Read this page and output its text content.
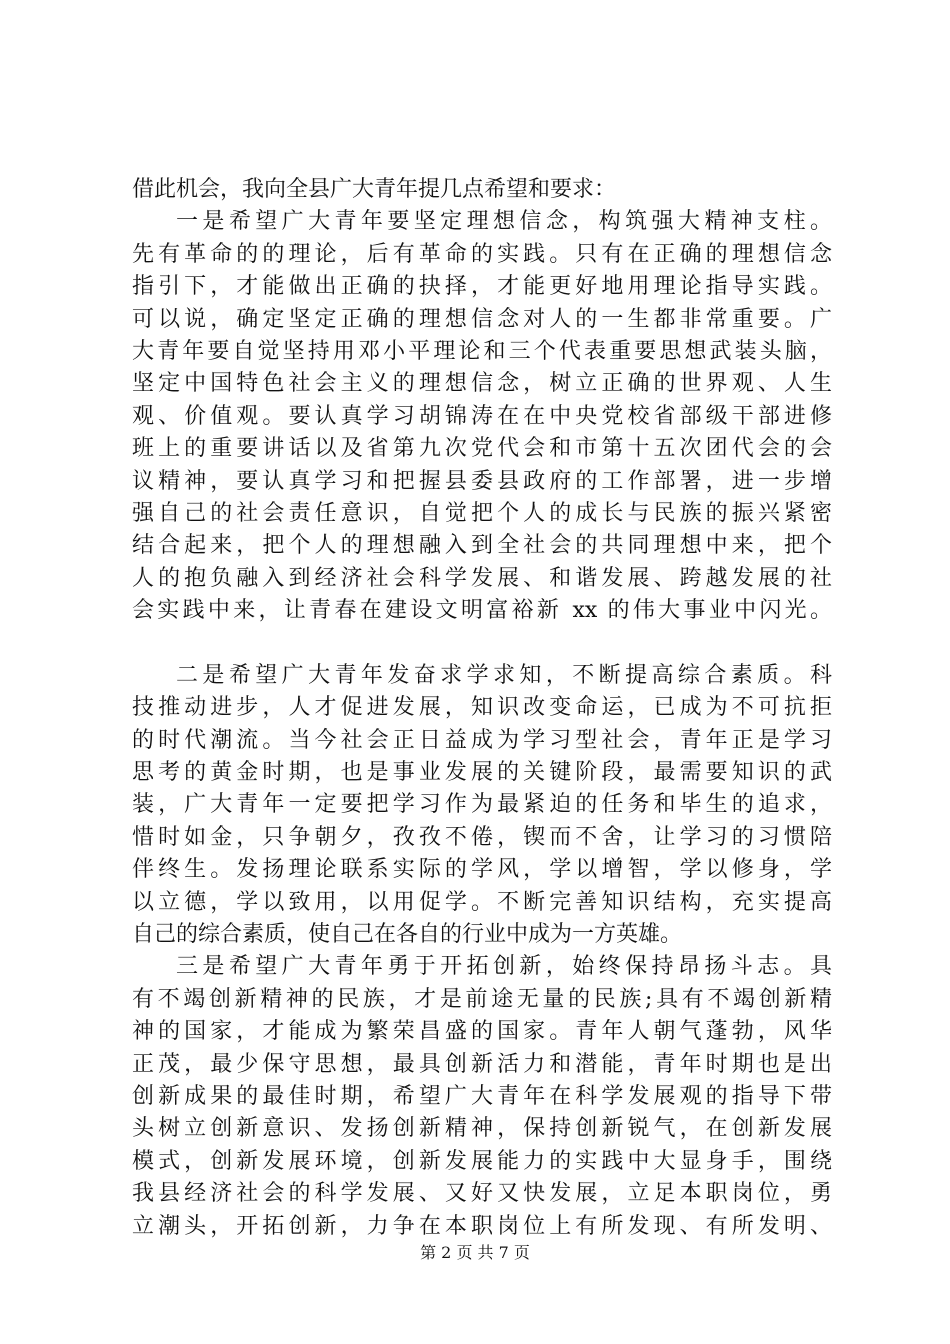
借此机会，我向全县广大青年提几点希望和要求：
一是希望广大青年要坚定理想信念，构筑强大精神支柱。
先有革命的的理论，后有革命的实践。只有在正确的理想信念
指引下，才能做出正确的抉择，才能更好地用理论指导实践。
可以说，确定坚定正确的理想信念对人的一生都非常重要。广
大青年要自觉坚持用邓小平理论和三个代表重要思想武装头脑，
坚定中国特色社会主义的理想信念，树立正确的世界观、人生
观、价值观。要认真学习胡锦涛在在中央党校省部级干部进修
班上的重要讲话以及省第九次党代会和市第十五次团代会的会
议精神，要认真学习和把握县委县政府的工作部署，进一步增
强自己的社会责任意识，自觉把个人的成长与民族的振兴紧密
结合起来，把个人的理想融入到全社会的共同理想中来，把个
人的抱负融入到经济社会科学发展、和谐发展、跨越发展的社
会实践中来，让青春在建设文明富裕新 xx 的伟大事业中闪光。
二是希望广大青年发奋求学求知，不断提高综合素质。科
技推动进步，人才促进发展，知识改变命运，已成为不可抗拒
的时代潮流。当今社会正日益成为学习型社会，青年正是学习
思考的黄金时期，也是事业发展的关键阶段，最需要知识的武
装，广大青年一定要把学习作为最紧迫的任务和毕生的追求，
惜时如金，只争朝夕，孜孜不倦，锲而不舍，让学习的习惯陪
伴终生。发扬理论联系实际的学风，学以增智，学以修身，学
以立德，学以致用，以用促学。不断完善知识结构，充实提高
自己的综合素质，使自己在各自的行业中成为一方英雄。
三是希望广大青年勇于开拓创新，始终保持昂扬斗志。具
有不竭创新精神的民族，才是前途无量的民族;具有不竭创新精
神的国家，才能成为繁荣昌盛的国家。青年人朝气蓬勃，风华
正茂，最少保守思想，最具创新活力和潜能，青年时期也是出
创新成果的最佳时期，希望广大青年在科学发展观的指导下带
头树立创新意识、发扬创新精神，保持创新锐气，在创新发展
模式，创新发展环境，创新发展能力的实践中大显身手，围绕
我县经济社会的科学发展、又好又快发展，立足本职岗位，勇
立潮头，开拓创新，力争在本职岗位上有所发现、有所发明、
第 2 页 共 7 页
